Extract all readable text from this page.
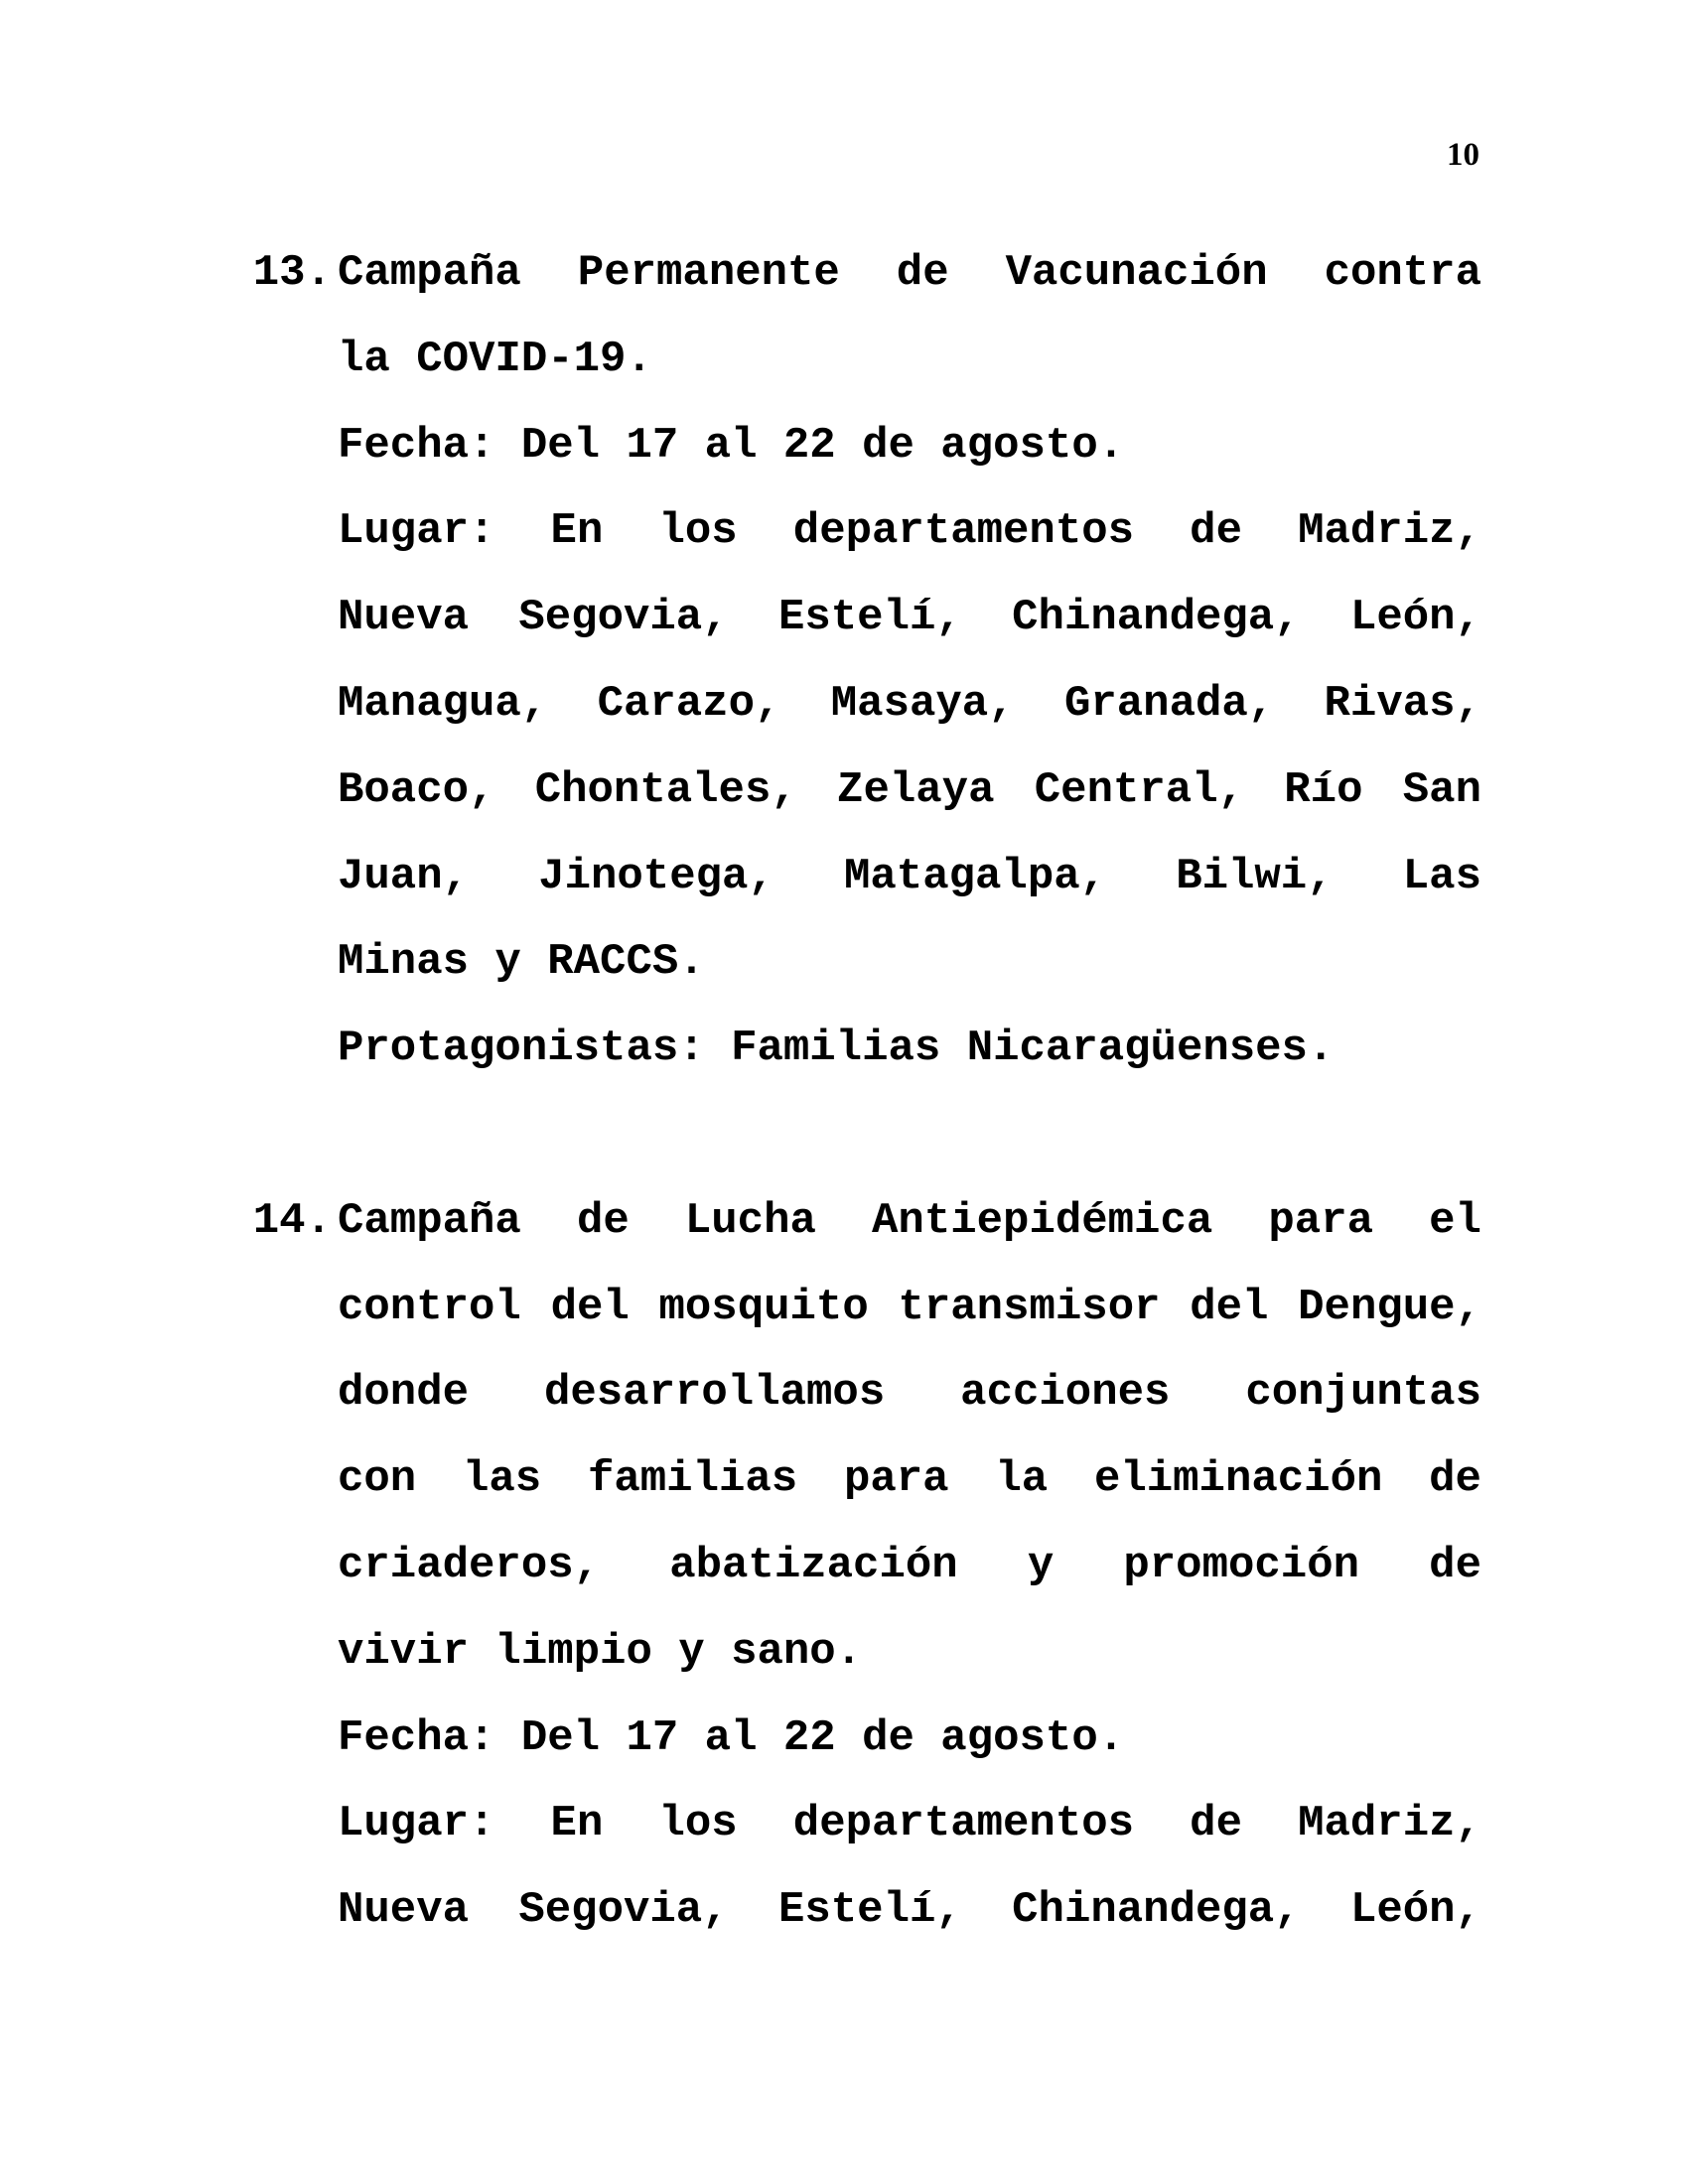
10
13. Campaña Permanente de Vacunación contra
la COVID-19.
Fecha: Del 17 al 22 de agosto.
Lugar: En los departamentos de Madriz,
Nueva Segovia, Estelí, Chinandega, León,
Managua, Carazo, Masaya, Granada, Rivas,
Boaco, Chontales, Zelaya Central, Río San
Juan, Jinotega, Matagalpa, Bilwi, Las
Minas y RACCS.
Protagonistas: Familias Nicaragüenses.
14. Campaña de Lucha Antiepidémica para el
control del mosquito transmisor del Dengue,
donde desarrollamos acciones conjuntas
con las familias para la eliminación de
criaderos, abatización y promoción de
vivir limpio y sano.
Fecha: Del 17 al 22 de agosto.
Lugar: En los departamentos de Madriz,
Nueva Segovia, Estelí, Chinandega, León,
